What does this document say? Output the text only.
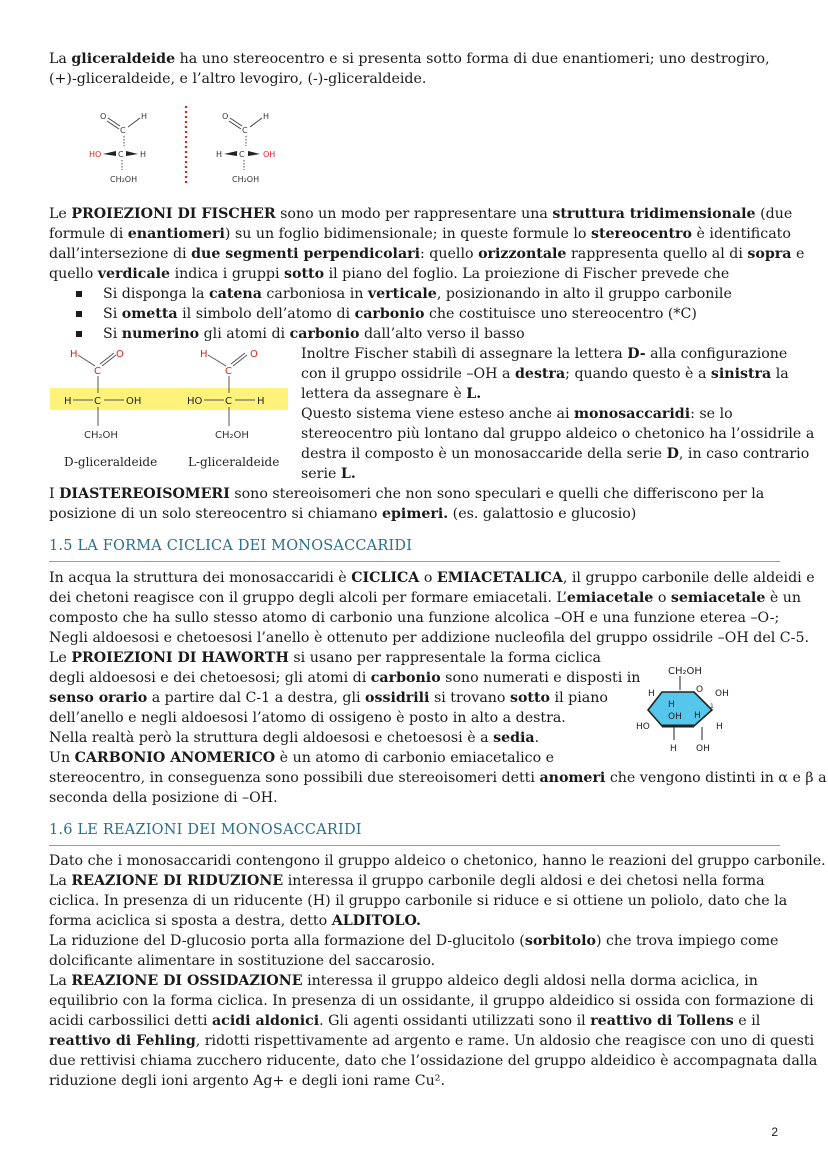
La gliceraldeide ha uno stereocentro e si presenta sotto forma di due enantiomeri; uno destrogiro,
(+)-gliceraldeide, e l’altro levogiro, (-)-gliceraldeide.
O	H
C
HO C H
CH₂OH
O	H
C
H C OH
CH₂OH
Le PROIEZIONI DI FISCHER sono un modo per rappresentare una struttura tridimensionale (due
formule di enantiomeri) su un foglio bidimensionale; in queste formule lo stereocentro è identificato
dall’intersezione di due segmenti perpendicolari: quello orizzontale rappresenta quello al di sopra e
quello verdicale indica i gruppi sotto il piano del foglio. La proiezione di Fischer prevede che
Si disponga la catena carboniosa in verticale, posizionando in alto il gruppo carbonile
Si ometta il simbolo dell’atomo di carbonio che costituisce uno stereocentro (*C)
Si numerino gli atomi di carbonio dall’alto verso il basso
H	O
C
H C	OH
CH₂OH
D-gliceraldeide
H	O
C
HO C	H
CH₂OH
L-gliceraldeide
Inoltre Fischer stabilì di assegnare la lettera D- alla configurazione
con il gruppo ossidrile –OH a destra; quando questo è a sinistra la
lettera da assegnare è L.
Questo sistema viene esteso anche ai monosaccaridi: se lo
stereocentro più lontano dal gruppo aldeico o chetonico ha l’ossidrile a
destra il composto è un monosaccaride della serie D, in caso contrario
serie L.
I DIASTEREOISOMERI sono stereoisomeri che non sono speculari e quelli che differiscono per la
posizione di un solo stereocentro si chiamano epimeri. (es. galattosio e glucosio)
1.5 LA FORMA CICLICA DEI MONOSACCARIDI
In acqua la struttura dei monosaccaridi è CICLICA o EMIACETALICA, il gruppo carbonile delle aldeidi e
dei chetoni reagisce con il gruppo degli alcoli per formare emiacetali. L’emiacetale o semiacetale è un
composto che ha sullo stesso atomo di carbonio una funzione alcolica –OH e una funzione eterea –O-;
Negli aldoesosi e chetoesosi l’anello è ottenuto per addizione nucleofila del gruppo ossidrile –OH del C-5.
Le PROIEZIONI DI HAWORTH si usano per rappresentale la forma ciclica
degli aldoesosi e dei chetoesosi; gli atomi di carbonio sono numerati e disposti in
senso orario a partire dal C-1 a destra, gli ossidrili si trovano sotto il piano
dell’anello e negli aldoesosi l’atomo di ossigeno è posto in alto a destra.
Nella realtà però la struttura degli aldoesosi e chetoesosi è a sedia.
Un CARBONIO ANOMERICO è un atomo di carbonio emiacetalico e
stereocentro, in conseguenza sono possibili due stereoisomeri detti anomeri che vengono distinti in α e β a
seconda della posizione di –OH.
CH₂OH
O
H	OH
H
OH H
1
HO	H
H OH
1.6 LE REAZIONI DEI MONOSACCARIDI
Dato che i monosaccaridi contengono il gruppo aldeico o chetonico, hanno le reazioni del gruppo carbonile.
La REAZIONE DI RIDUZIONE interessa il gruppo carbonile degli aldosi e dei chetosi nella forma
ciclica. In presenza di un riducente (H) il gruppo carbonile si riduce e si ottiene un poliolo, dato che la
forma aciclica si sposta a destra, detto ALDITOLO.
La riduzione del D-glucosio porta alla formazione del D-glucitolo (sorbitolo) che trova impiego come
dolcificante alimentare in sostituzione del saccarosio.
La REAZIONE DI OSSIDAZIONE interessa il gruppo aldeico degli aldosi nella dorma aciclica, in
equilibrio con la forma ciclica. In presenza di un ossidante, il gruppo aldeidico si ossida con formazione di
acidi carbossilici detti acidi aldonici. Gli agenti ossidanti utilizzati sono il reattivo di Tollens e il
reattivo di Fehling, ridotti rispettivamente ad argento e rame. Un aldosio che reagisce con uno di questi
due rettivisi chiama zucchero riducente, dato che l’ossidazione del gruppo aldeidico è accompagnata dalla
riduzione degli ioni argento Ag+ e degli ioni rame Cu².
2
